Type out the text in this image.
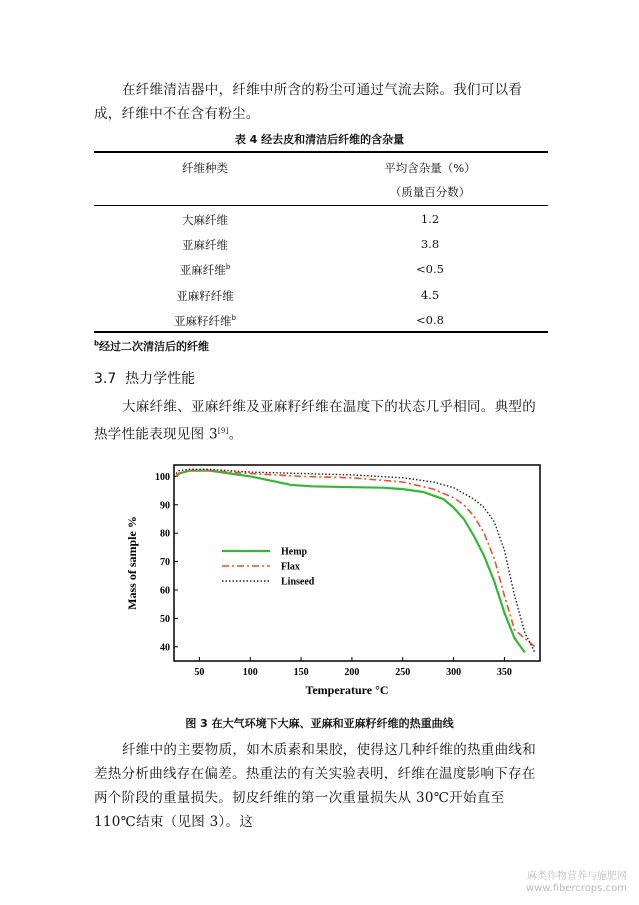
在纤维清洁器中，纤维中所含的粉尘可通过气流去除。我们可以看成，纤维中不在含有粉尘。

表 4 经去皮和清洁后纤维的含杂量
纤维种类	平均含杂量（%）
（质量百分数）
大麻纤维	1.2
亚麻纤维	3.8
亚麻纤维$^b$	<0.5
亚麻籽纤维	4.5
亚麻籽纤维$^b$	<0.8
$^b$经过二次清洁后的纤维
3.7 热力学性能

大麻纤维、亚麻纤维及亚麻籽纤维在温度下的状态几乎相同。典型的热学性能表现见图 3[9]。

50	100	150	200	250	300	350
40
50
60
70
80
90
100
Temperature °C
Mass of sample %	Hemp
Flax
Linseed
图 3 在大气环境下大麻、亚麻和亚麻籽纤维的热重曲线

纤维中的主要物质，如木质素和果胶，使得这几种纤维的热重曲线和差热分析曲线存在偏差。热重法的有关实验表明，纤维在温度影响下存在两个阶段的重量损失。韧皮纤维的第一次重量损失从 30℃开始直至 110℃结束（见图 3）。这

麻类作物营养与施肥网
www.fibercrops.com
